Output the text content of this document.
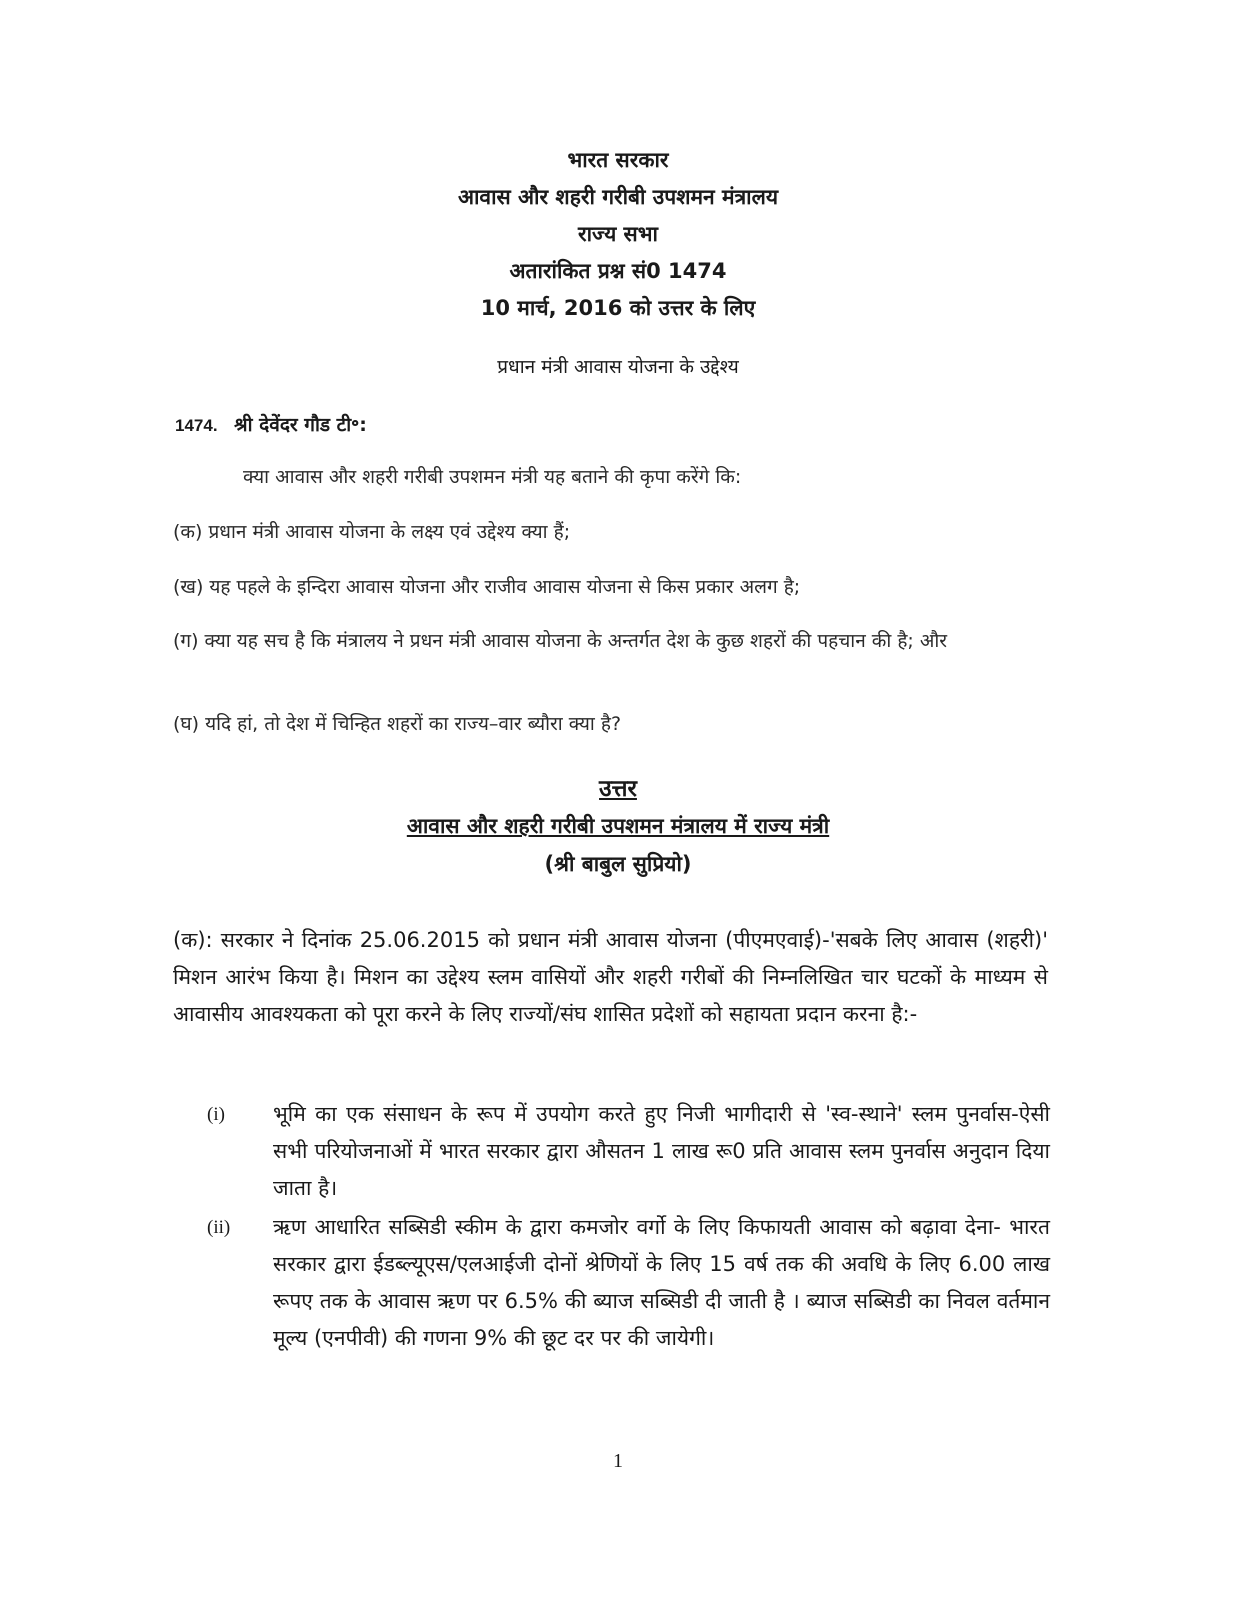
भारत सरकार
आवास और शहरी गरीबी उपशमन मंत्रालय
राज्य सभा
अतारांकित प्रश्न सं0 1474
10 मार्च, 2016 को उत्तर के लिए
प्रधान मंत्री आवास योजना के उद्देश्य
1474. श्री देवेंदर गौड टी॰:
क्या आवास और शहरी गरीबी उपशमन मंत्री यह बताने की कृपा करेंगे कि:
(क) प्रधान मंत्री आवास योजना के लक्ष्य एवं उद्देश्य क्या हैं;
(ख) यह पहले के इन्दिरा आवास योजना और राजीव आवास योजना से किस प्रकार अलग है;
(ग) क्या यह सच है कि मंत्रालय ने प्रधन मंत्री आवास योजना के अन्तर्गत देश के कुछ शहरों की पहचान की है; और
(घ) यदि हां, तो देश में चिन्हित शहरों का राज्य–वार ब्यौरा क्या है?
उत्तर
आवास और शहरी गरीबी उपशमन मंत्रालय में राज्य मंत्री
(श्री बाबुल सुप्रियो)
(क): सरकार ने दिनांक 25.06.2015 को प्रधान मंत्री आवास योजना (पीएमएवाई)-'सबके लिए आवास (शहरी)' मिशन आरंभ किया है। मिशन का उद्देश्य स्लम वासियों और शहरी गरीबों की निम्नलिखित चार घटकों के माध्यम से आवासीय आवश्यकता को पूरा करने के लिए राज्यों/संघ शासित प्रदेशों को सहायता प्रदान करना है:-
(i)	भूमि का एक संसाधन के रूप में उपयोग करते हुए निजी भागीदारी से 'स्व-स्थाने' स्लम पुनर्वास-ऐसी सभी परियोजनाओं में भारत सरकार द्वारा औसतन 1 लाख रू0 प्रति आवास स्लम पुनर्वास अनुदान दिया जाता है।
(ii)	ऋण आधारित सब्सिडी स्कीम के द्वारा कमजोर वर्गो के लिए किफायती आवास को बढ़ावा देना- भारत सरकार द्वारा ईडब्ल्यूएस/एलआईजी दोनों श्रेणियों के लिए 15 वर्ष तक की अवधि के लिए 6.00 लाख रूपए तक के आवास ऋण पर 6.5% की ब्याज सब्सिडी दी जाती है । ब्याज सब्सिडी का निवल वर्तमान मूल्य (एनपीवी) की गणना 9% की छूट दर पर की जायेगी।
1
